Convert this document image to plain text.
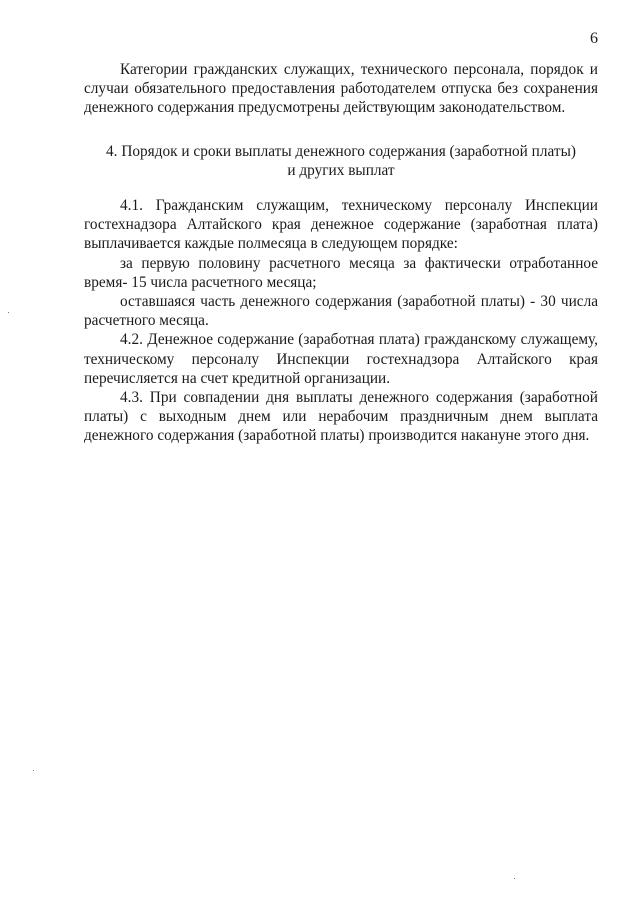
6

Категории гражданских служащих, технического персонала, порядок и случаи обязательного предоставления работодателем отпуска без сохранения денежного содержания предусмотрены действующим законодательством.

4. Порядок и сроки выплаты денежного содержания (заработной платы)
и других выплат

4.1. Гражданским служащим, техническому персоналу Инспекции гостехнадзора Алтайского края денежное содержание (заработная плата) выплачивается каждые полмесяца в следующем порядке:

за первую половину расчетного месяца за фактически отработанное время- 15 числа расчетного месяца;

оставшаяся часть денежного содержания (заработной платы) - 30 числа расчетного месяца.

4.2. Денежное содержание (заработная плата) гражданскому служащему, техническому персоналу Инспекции гостехнадзора Алтайского края перечисляется на счет кредитной организации.

4.3. При совпадении дня выплаты денежного содержания (заработной платы) с выходным днем или нерабочим праздничным днем выплата денежного содержания (заработной платы) производится накануне этого дня.
